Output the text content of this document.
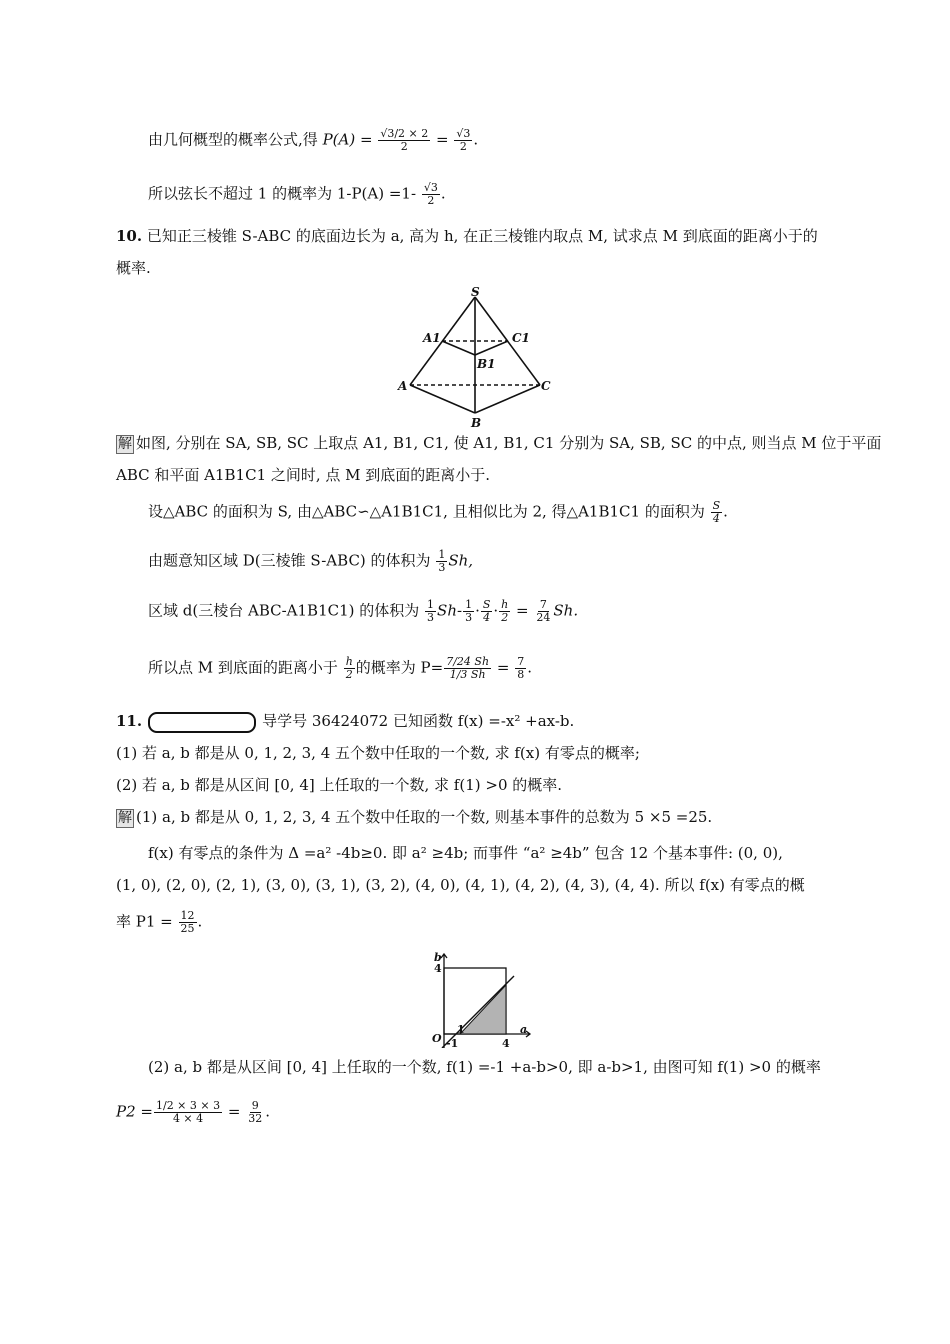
由几何概型的概率公式,得 $P(A) = \frac{√3/2 \times 2}{2} = \frac{√3}{2}$ .
所以弦长不超过 1 的概率为 $1-P(A) =1- \frac{√3}{2}$ .
10. 已知正三棱锥 S-ABC 的底面边长为 a, 高为 h, 在正三棱锥内取点 M, 试求点 M 到底面的距离小于的
概率.
S
A1	C1
B1
A	C
B
解 如图, 分别在 SA, SB, SC 上取点 A1, B1, C1, 使 A1, B1, C1 分别为 SA, SB, SC 的中点, 则当点 M 位于平面
ABC 和平面 A1B1C1 之间时, 点 M 到底面的距离小于.
设△ABC 的面积为 S, 由△ABC∽△A1B1C1, 且相似比为 2, 得△A1B1C1 的面积为 $\frac{S}{4}$ .
由题意知区域 D(三棱锥 S-ABC) 的体积为 $\frac{1}{3} Sh$,
区域 d(三棱台 ABC-A1B1C1) 的体积为 $\frac{1}{3} Sh- \frac{1}{3} \cdot \frac{S}{4} \cdot \frac{h}{2} = \frac{7}{24} Sh$.
所以点 M 到底面的距离小于 $\frac{h}{2}$ 的概率为 $P= \frac{7/24 Sh}{1/3 Sh} = \frac{7}{8}$ .
11.	导学号 36424072 已知函数 f(x) =-x² +ax-b.
(1) 若 a, b 都是从 0, 1, 2, 3, 4 五个数中任取的一个数, 求 f(x) 有零点的概率;
(2) 若 a, b 都是从区间 [0, 4] 上任取的一个数, 求 f(1) >0 的概率.
解 (1) a, b 都是从 0, 1, 2, 3, 4 五个数中任取的一个数, 则基本事件的总数为 5 ×5 =25.
f(x) 有零点的条件为 Δ =a² -4b≥0. 即 a² ≥4b; 而事件 “a² ≥4b” 包含 12 个基本事件: (0, 0),
(1, 0), (2, 0), (2, 1), (3, 0), (3, 1), (3, 2), (4, 0), (4, 1), (4, 2), (4, 3), (4, 4). 所以 f(x) 有零点的概
率 $P1 = \frac{12}{25}$ .
b
4
O
1
4
a
-1
(2) a, b 都是从区间 [0, 4] 上任取的一个数, f(1) =-1 +a-b>0, 即 a-b>1, 由图可知 f(1) >0 的概率
$P2 = \frac{1/2 \times 3 \times 3}{4 \times 4} = \frac{9}{32}$ .
